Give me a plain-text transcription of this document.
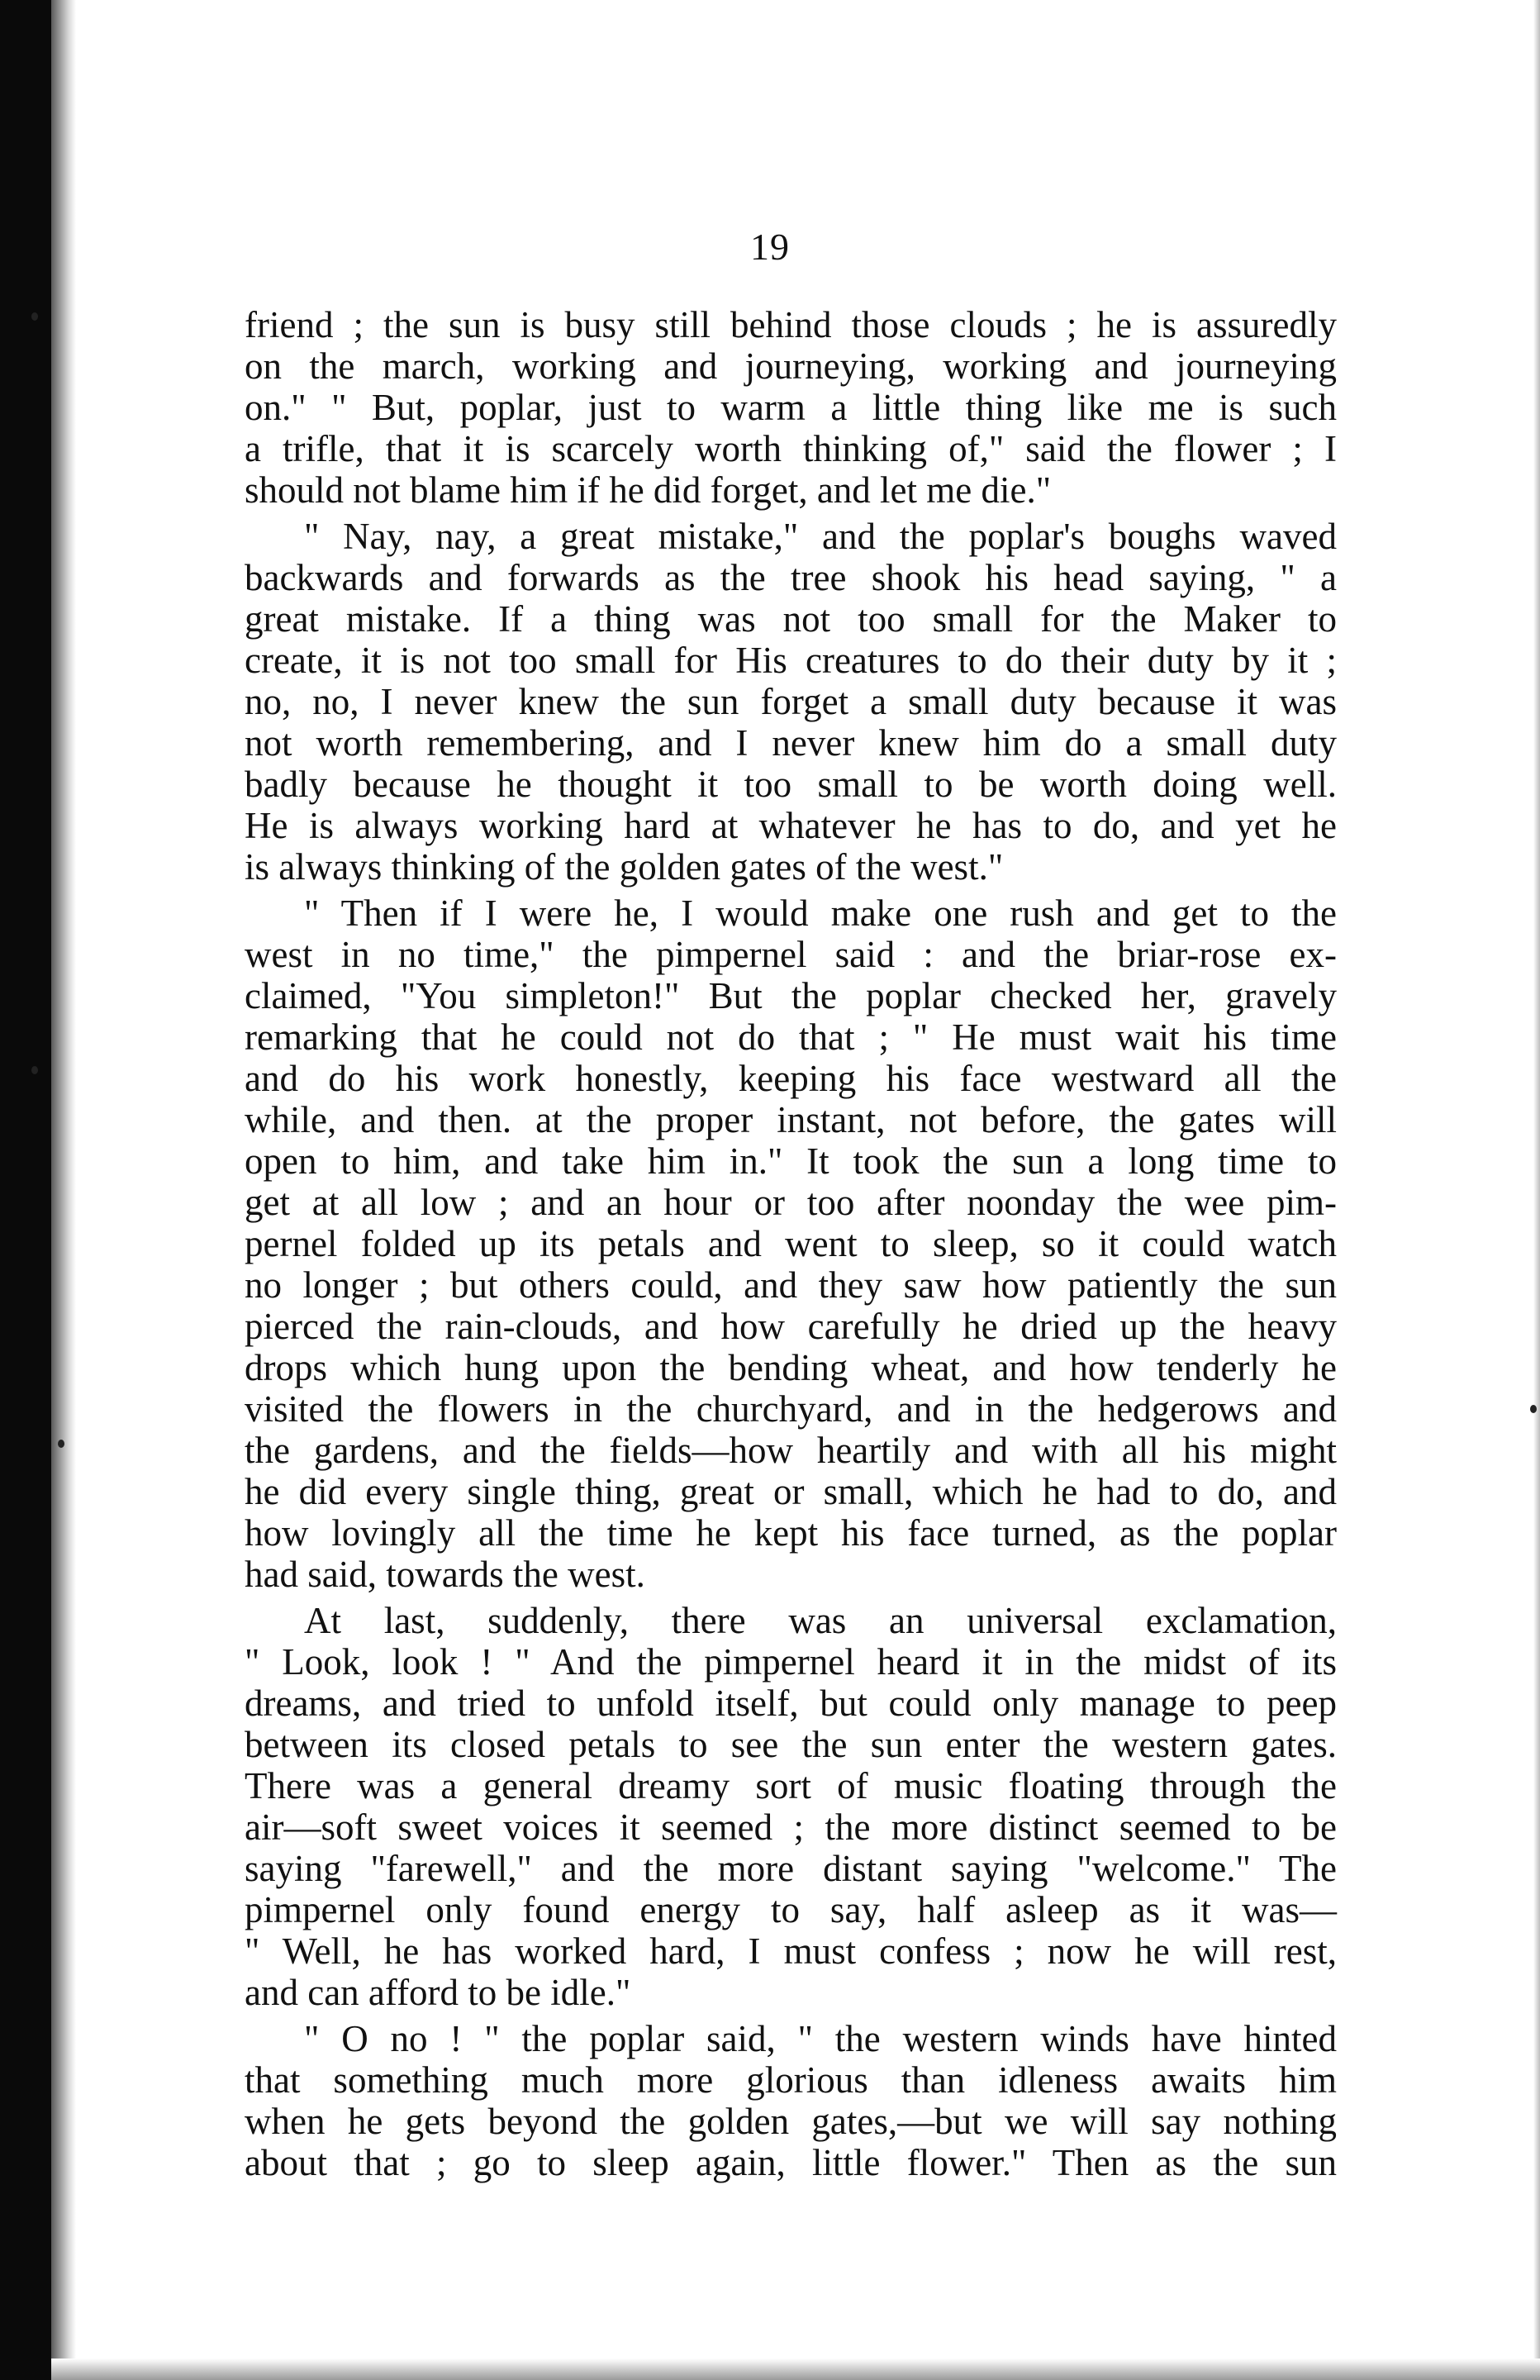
19
friend ; the sun is busy still behind those clouds ; he is assuredly
on the march, working and journeying, working and journeying
on." " But, poplar, just to warm a little thing like me is such
a trifle, that it is scarcely worth thinking of," said the flower ; I
should not blame him if he did forget, and let me die."
" Nay, nay, a great mistake," and the poplar's boughs waved
backwards and forwards as the tree shook his head saying, " a
great mistake. If a thing was not too small for the Maker to
create, it is not too small for His creatures to do their duty by it ;
no, no, I never knew the sun forget a small duty because it was
not worth remembering, and I never knew him do a small duty
badly because he thought it too small to be worth doing well.
He is always working hard at whatever he has to do, and yet he
is always thinking of the golden gates of the west."
" Then if I were he, I would make one rush and get to the
west in no time," the pimpernel said : and the briar-rose ex-
claimed, "You simpleton!" But the poplar checked her, gravely
remarking that he could not do that ; " He must wait his time
and do his work honestly, keeping his face westward all the
while, and then. at the proper instant, not before, the gates will
open to him, and take him in." It took the sun a long time to
get at all low ; and an hour or too after noonday the wee pim-
pernel folded up its petals and went to sleep, so it could watch
no longer ; but others could, and they saw how patiently the sun
pierced the rain-clouds, and how carefully he dried up the heavy
drops which hung upon the bending wheat, and how tenderly he
visited the flowers in the churchyard, and in the hedgerows and
the gardens, and the fields—how heartily and with all his might
he did every single thing, great or small, which he had to do, and
how lovingly all the time he kept his face turned, as the poplar
had said, towards the west.
At last, suddenly, there was an universal exclamation,
" Look, look ! " And the pimpernel heard it in the midst of its
dreams, and tried to unfold itself, but could only manage to peep
between its closed petals to see the sun enter the western gates.
There was a general dreamy sort of music floating through the
air—soft sweet voices it seemed ; the more distinct seemed to be
saying "farewell," and the more distant saying "welcome." The
pimpernel only found energy to say, half asleep as it was—
" Well, he has worked hard, I must confess ; now he will rest,
and can afford to be idle."
" O no ! " the poplar said, " the western winds have hinted
that something much more glorious than idleness awaits him
when he gets beyond the golden gates,—but we will say nothing
about that ; go to sleep again, little flower." Then as the sun
